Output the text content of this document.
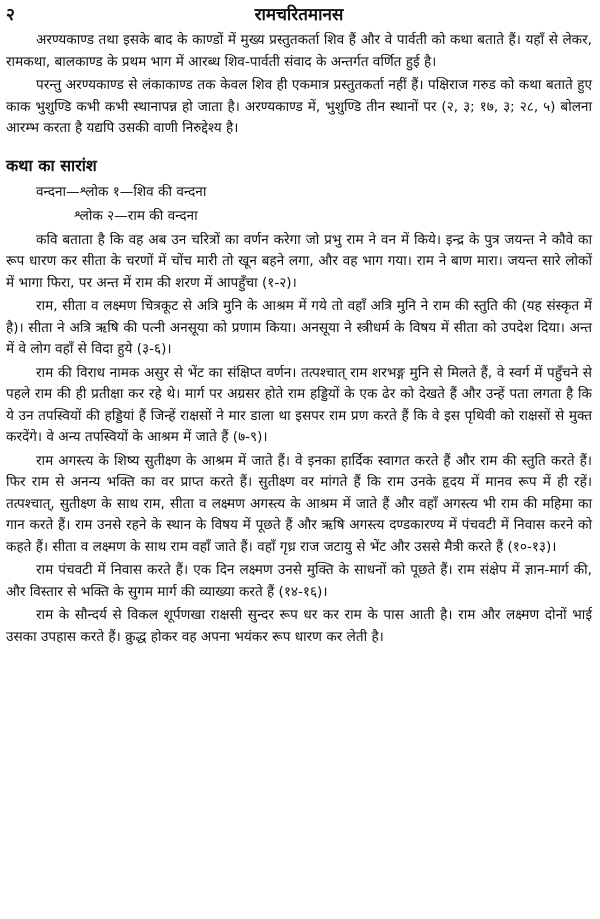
२	रामचरितमानस

अरण्यकाण्ड तथा इसके बाद के काण्डों में मुख्य प्रस्तुतकर्ता शिव हैं और वे पार्वती को कथा बताते हैं। यहाँ से लेकर, रामकथा, बालकाण्ड के प्रथम भाग में आरब्ध शिव-पार्वती संवाद के अन्तर्गत वर्णित हुई है।

परन्तु अरण्यकाण्ड से लंकाकाण्ड तक केवल शिव ही एकमात्र प्रस्तुतकर्ता नहीं हैं। पक्षिराज गरुड को कथा बताते हुए काक भुशुण्डि कभी कभी स्थानापन्न हो जाता है। अरण्यकाण्ड में, भुशुण्डि तीन स्थानों पर (२, ३; १७, ३; २८, ५) बोलना आरम्भ करता है यद्यपि उसकी वाणी निरुद्देश्य है।

कथा का सारांश
वन्दना—श्लोक १—शिव की वन्दना
श्लोक २—राम की वन्दना

कवि बताता है कि वह अब उन चरित्रों का वर्णन करेगा जो प्रभु राम ने वन में किये। इन्द्र के पुत्र जयन्त ने कौवे का रूप धारण कर सीता के चरणों में चोंच मारी तो खून बहने लगा, और वह भाग गया। राम ने बाण मारा। जयन्त सारे लोकों में भागा फिरा, पर अन्त में राम की शरण में आपहुँचा (१-२)।

राम, सीता व लक्ष्मण चित्रकूट से अत्रि मुनि के आश्रम में गये तो वहाँ अत्रि मुनि ने राम की स्तुति की (यह संस्कृत में है)। सीता ने अत्रि ऋषि की पत्नी अनसूया को प्रणाम किया। अनसूया ने स्त्रीधर्म के विषय में सीता को उपदेश दिया। अन्त में वे लोग वहाँ से विदा हुये (३-६)।

राम की विराध नामक असुर से भेंट का संक्षिप्त वर्णन। तत्पश्चात् राम शरभङ्ग मुनि से मिलते हैं, वे स्वर्ग में पहुँचने से पहले राम की ही प्रतीक्षा कर रहे थे। मार्ग पर अग्रसर होते राम हड्डियों के एक ढेर को देखते हैं और उन्हें पता लगता है कि ये उन तपस्वियों की हड्डियां हैं जिन्हें राक्षसों ने मार डाला था इसपर राम प्रण करते हैं कि वे इस पृथिवी को राक्षसों से मुक्त करदेंगे। वे अन्य तपस्वियों के आश्रम में जाते हैं (७-९)।

राम अगस्त्य के शिष्य सुतीक्ष्ण के आश्रम में जाते हैं। वे इनका हार्दिक स्वागत करते हैं और राम की स्तुति करते हैं। फिर राम से अनन्य भक्ति का वर प्राप्त करते हैं। सुतीक्ष्ण वर मांगते हैं कि राम उनके हृदय में मानव रूप में ही रहें। तत्पश्चात्, सुतीक्ष्ण के साथ राम, सीता व लक्ष्मण अगस्त्य के आश्रम में जाते हैं और वहाँ अगस्त्य भी राम की महिमा का गान करते हैं। राम उनसे रहने के स्थान के विषय में पूछते हैं और ऋषि अगस्त्य दण्डकारण्य में पंचवटी में निवास करने को कहते हैं। सीता व लक्ष्मण के साथ राम वहाँ जाते हैं। वहाँ गृध्र राज जटायु से भेंट और उससे मैत्री करते हैं (१०-१३)।

राम पंचवटी में निवास करते हैं। एक दिन लक्ष्मण उनसे मुक्ति के साधनों को पूछते हैं। राम संक्षेप में ज्ञान-मार्ग की, और विस्तार से भक्ति के सुगम मार्ग की व्याख्या करते हैं (१४-१६)।

राम के सौन्दर्य से विकल शूर्पणखा राक्षसी सुन्दर रूप धर कर राम के पास आती है। राम और लक्ष्मण दोनों भाई उसका उपहास करते हैं। क्रुद्ध होकर वह अपना भयंकर रूप धारण कर लेती है।
